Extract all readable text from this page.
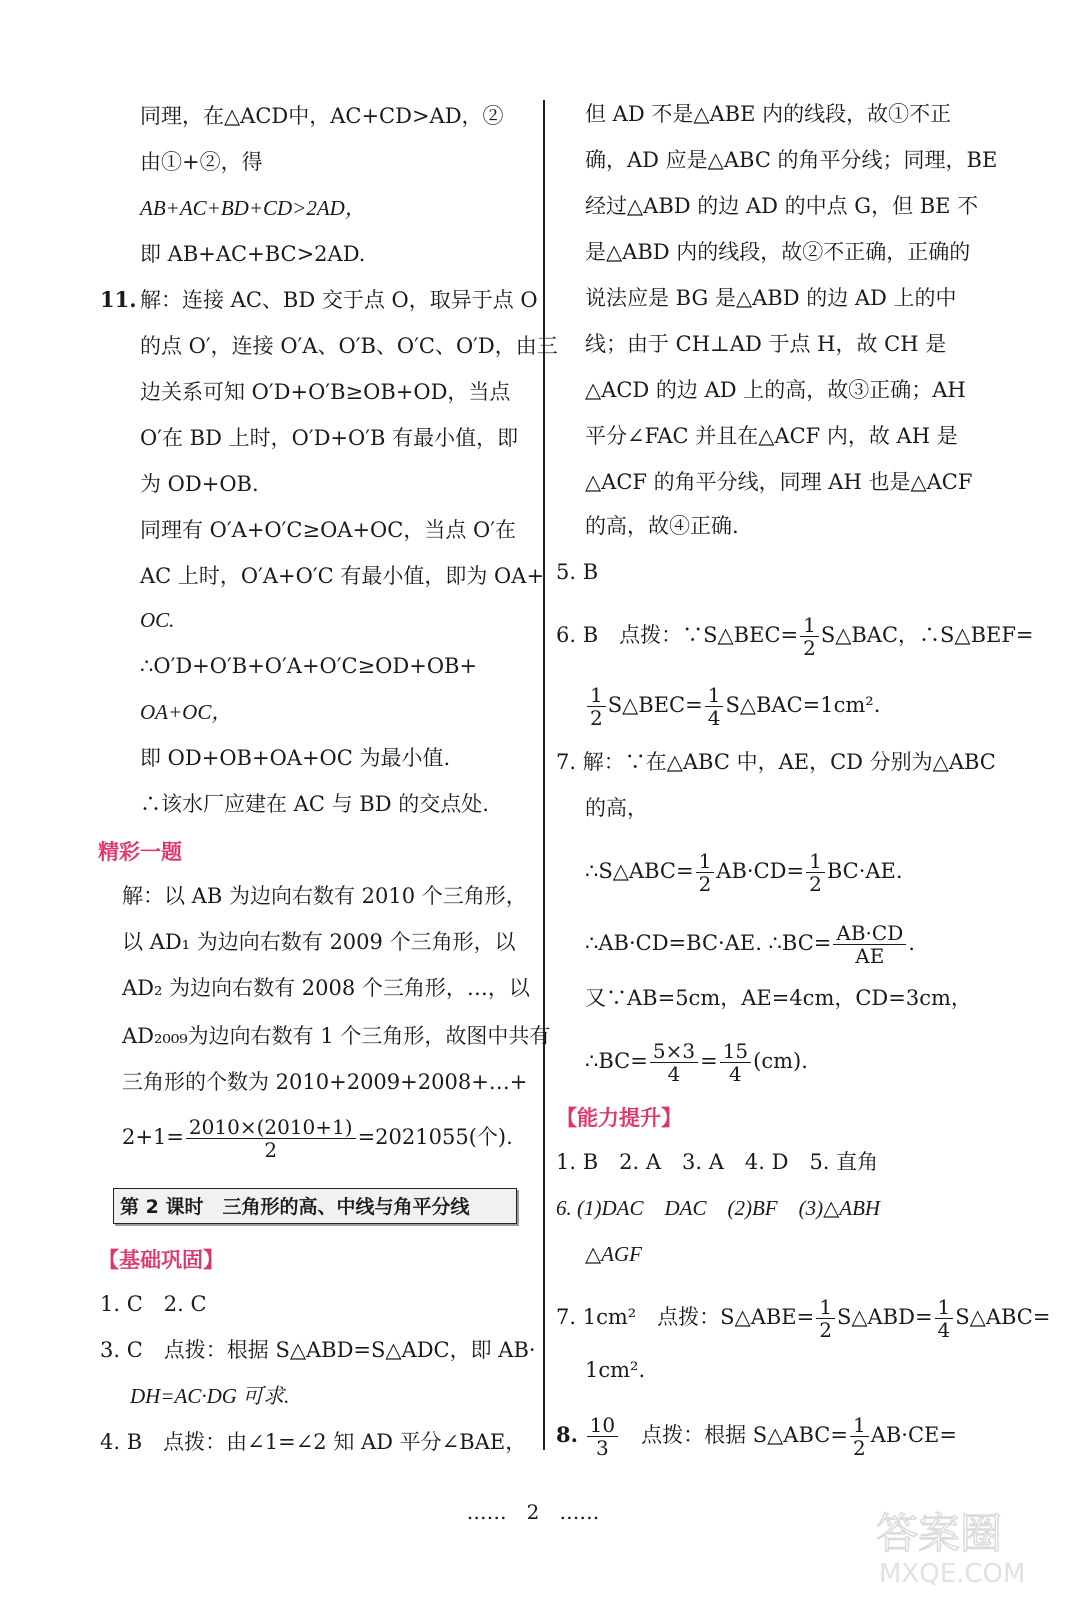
同理，在△ACD中，AC+CD>AD，②
由①+②，得
AB+AC+BD+CD>2AD，
即 AB+AC+BC>2AD.
11. 解：连接 AC、BD 交于点 O，取异于点 O
的点 O′，连接 O′A、O′B、O′C、O′D，由三
边关系可知 O′D+O′B≥OB+OD，当点
O′在 BD 上时，O′D+O′B 有最小值，即
为 OD+OB.
同理有 O′A+O′C≥OA+OC，当点 O′在
AC 上时，O′A+O′C 有最小值，即为 OA+
OC.
∴O′D+O′B+O′A+O′C≥OD+OB+
OA+OC，
即 OD+OB+OA+OC 为最小值.
∴该水厂应建在 AC 与 BD 的交点处.
精彩一题
解：以 AB 为边向右数有 2010 个三角形，
以 AD₁ 为边向右数有 2009 个三角形，以
AD₂ 为边向右数有 2008 个三角形，…，以
AD₂₀₀₉为边向右数有 1 个三角形，故图中共有
三角形的个数为 2010+2009+2008+…+
$2+1= \frac{2010\times(2010+1)}{2} =2021055$(个).
第 2 课时　三角形的高、中线与角平分线
【基础巩固】
1. C　2. C
3. C　点拨：根据 S△ABD=S△ADC，即 AB·
DH=AC·DG 可求.
4. B　点拨：由∠1=∠2 知 AD 平分∠BAE，
但 AD 不是△ABE 内的线段，故①不正
确，AD 应是△ABC 的角平分线；同理，BE
经过△ABD 的边 AD 的中点 G，但 BE 不
是△ABD 内的线段，故②不正确，正确的
说法应是 BG 是△ABD 的边 AD 上的中
线；由于 CH⊥AD 于点 H，故 CH 是
△ACD 的边 AD 上的高，故③正确；AH
平分∠FAC 并且在△ACF 内，故 AH 是
△ACF 的角平分线，同理 AH 也是△ACF
的高，故④正确.
5. B
6. B　点拨：∵S△BEC= $\frac{1}{2}$ S△BAC，∴S△BEF=
$\frac{1}{2}$ S△BEC= $\frac{1}{4}$ S△BAC=1cm².
7. 解：∵在△ABC 中，AE，CD 分别为△ABC
的高，
∴S△ABC= $\frac{1}{2} AB\cdot CD= \frac{1}{2} BC\cdot AE$.
∴AB·CD=BC·AE. ∴BC= $\frac{AB\cdot CD}{AE}$ .
又∵AB=5cm，AE=4cm，CD=3cm，
∴BC= $\frac{5\times 3}{4} = \frac{15}{4} (cm)$.
【能力提升】
1. B　2. A　3. A　4. D　5. 直角
6. (1)DAC　DAC　(2)BF　(3)△ABH
△AGF
7. 1cm²　点拨：S△ABE= $\frac{1}{2}$ S△ABD= $\frac{1}{4}$ S△ABC=
1cm².
8. $\frac{10}{3}$
　 点拨：根据 S△ABC= $\frac{1}{2} AB\cdot CE=$
……　2　……	答案圈
MXQE.COM
